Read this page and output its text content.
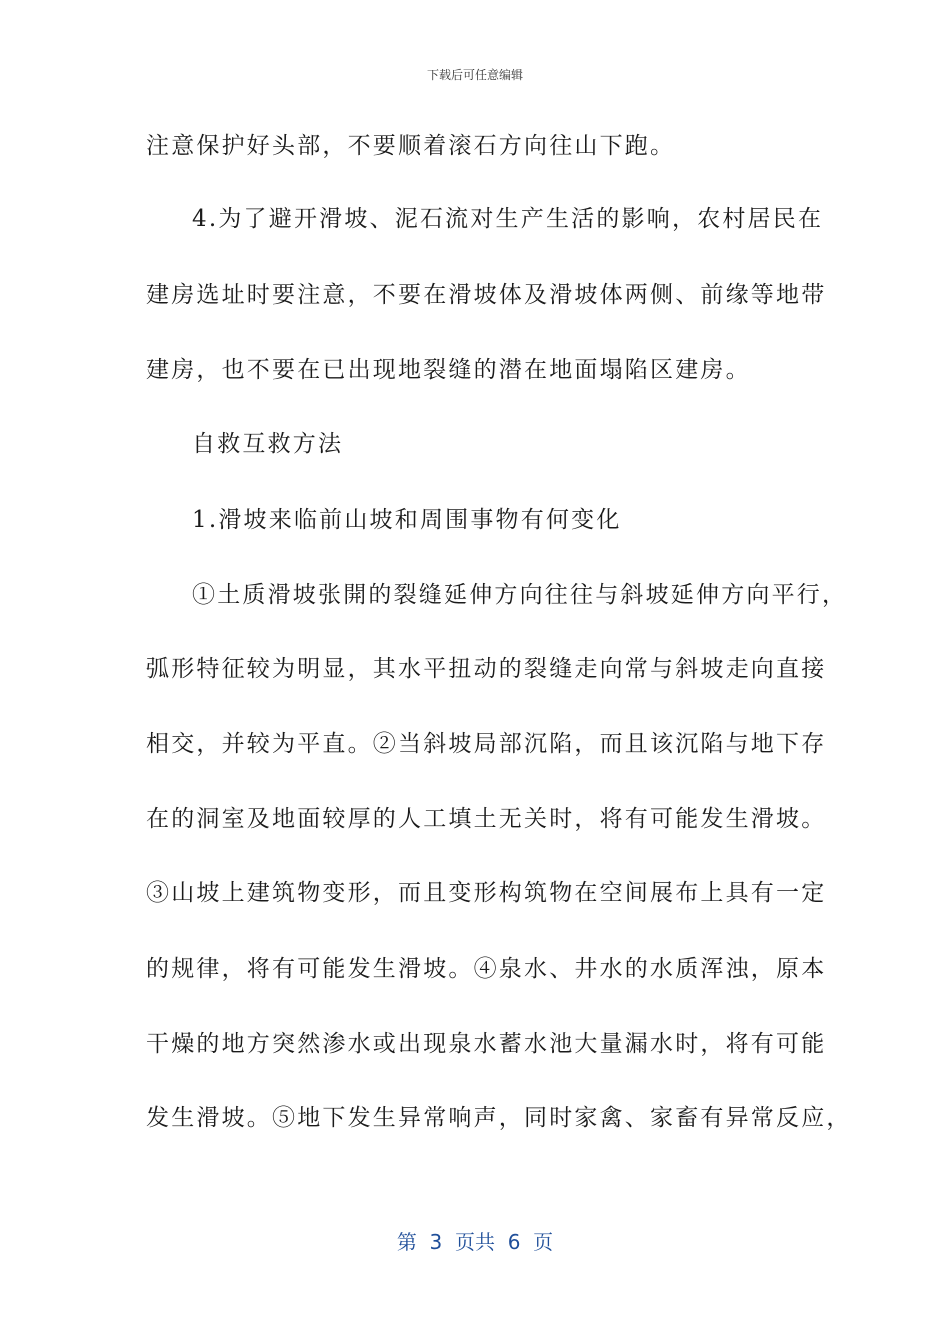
下载后可任意编辑
注意保护好头部，不要顺着滚石方向往山下跑。
4.为了避开滑坡、泥石流对生产生活的影响，农村居民在
建房选址时要注意，不要在滑坡体及滑坡体两侧、前缘等地带
建房，也不要在已出现地裂缝的潜在地面塌陷区建房。
自救互救方法
1.滑坡来临前山坡和周围事物有何变化
①土质滑坡张開的裂缝延伸方向往往与斜坡延伸方向平行，
弧形特征较为明显，其水平扭动的裂缝走向常与斜坡走向直接
相交，并较为平直。②当斜坡局部沉陷，而且该沉陷与地下存
在的洞室及地面较厚的人工填土无关时，将有可能发生滑坡。
③山坡上建筑物变形，而且变形构筑物在空间展布上具有一定
的规律，将有可能发生滑坡。④泉水、井水的水质浑浊，原本
干燥的地方突然渗水或出现泉水蓄水池大量漏水时，将有可能
发生滑坡。⑤地下发生异常响声，同时家禽、家畜有异常反应，
第  3  页共  6  页
